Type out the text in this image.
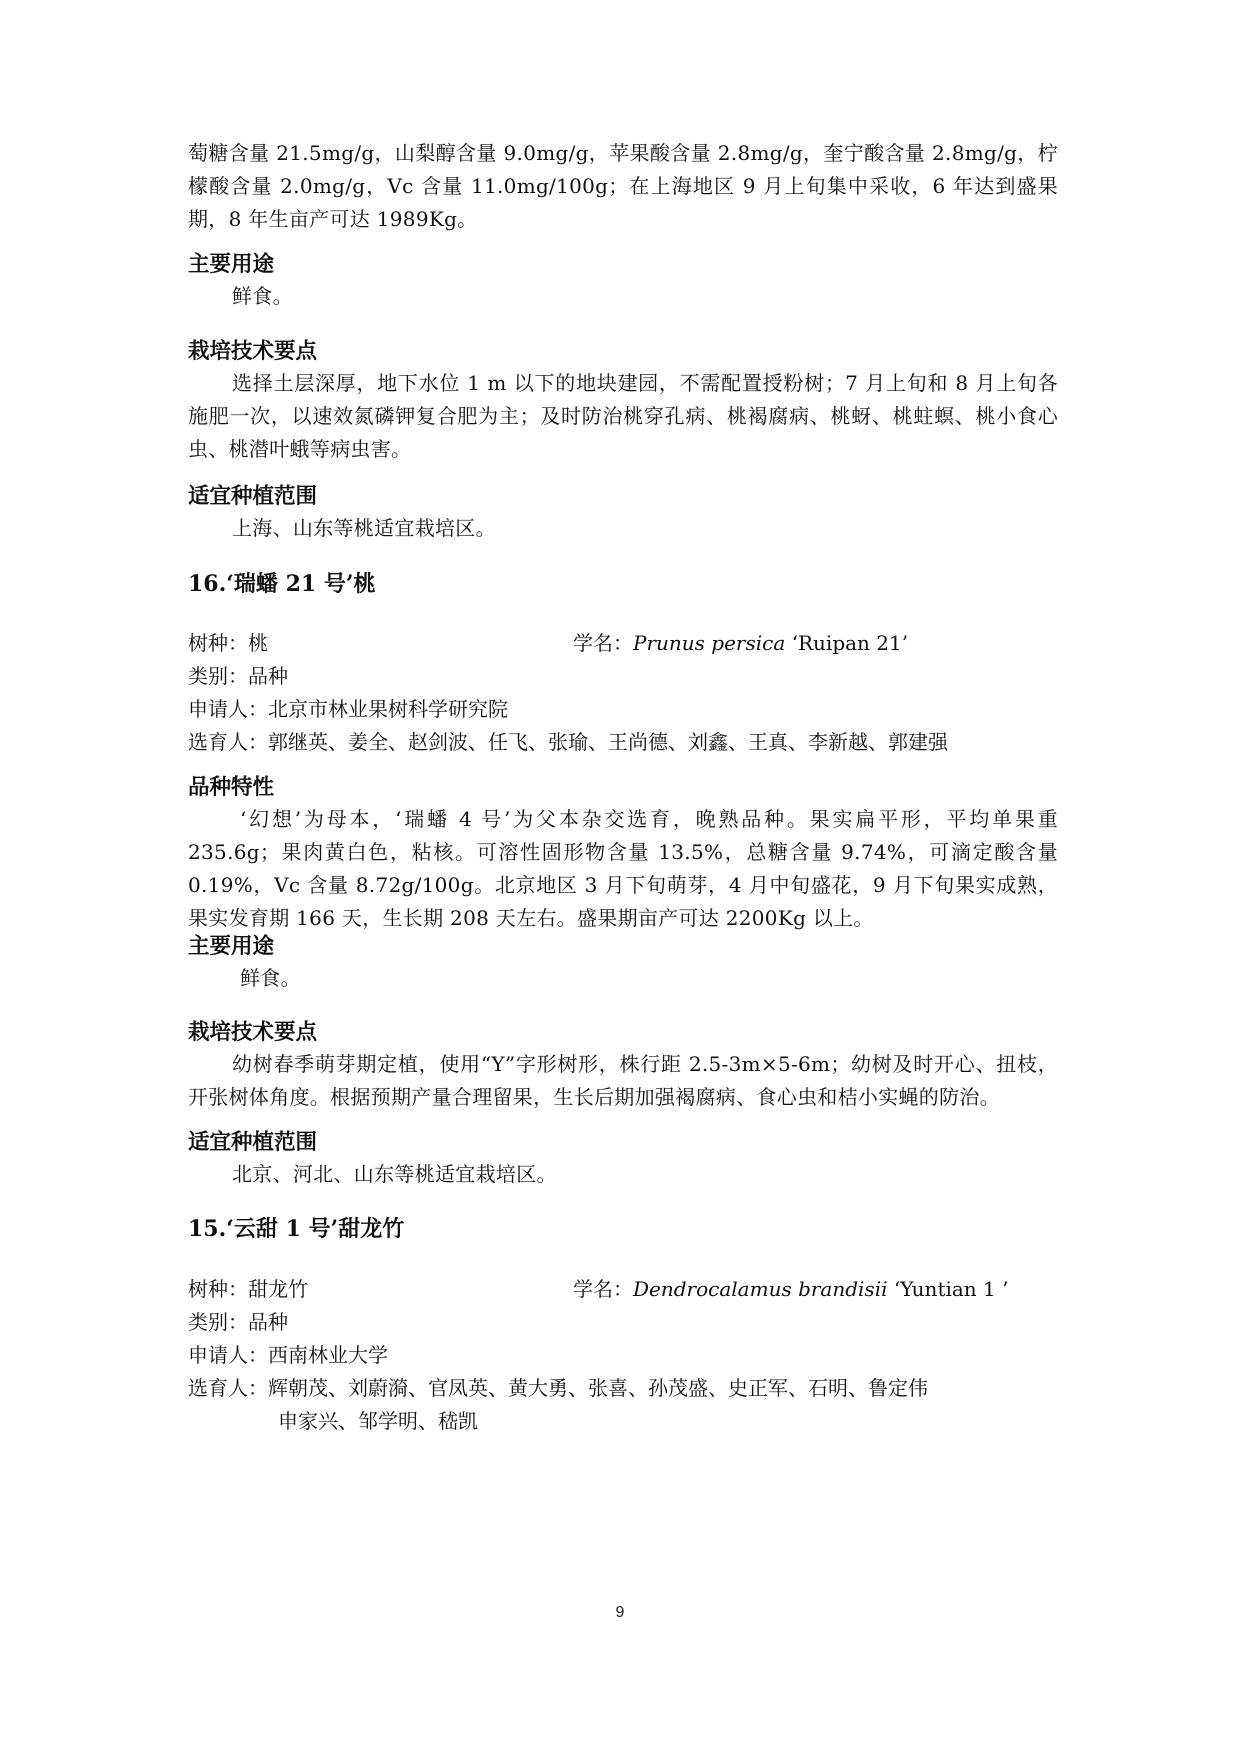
萄糖含量 21.5mg/g，山梨醇含量 9.0mg/g，苹果酸含量 2.8mg/g，奎宁酸含量 2.8mg/g，柠檬酸含量 2.0mg/g，Vc 含量 11.0mg/100g；在上海地区 9 月上旬集中采收，6 年达到盛果期，8 年生亩产可达 1989Kg。

主要用途

鲜食。

栽培技术要点

选择土层深厚，地下水位 1 m 以下的地块建园，不需配置授粉树；7 月上旬和 8 月上旬各施肥一次，以速效氮磷钾复合肥为主；及时防治桃穿孔病、桃褐腐病、桃蚜、桃蛀螟、桃小食心虫、桃潜叶蛾等病虫害。

适宜种植范围

上海、山东等桃适宜栽培区。

16.‘瑞蟠 21 号’桃

树种：桃	学名：Prunus persica ‘Ruipan 21’
类别：品种
申请人：北京市林业果树科学研究院
选育人：郭继英、姜全、赵剑波、任飞、张瑜、王尚德、刘鑫、王真、李新越、郭建强

品种特性

‘幻想’为母本，‘瑞蟠 4 号’为父本杂交选育，晚熟品种。果实扁平形，平均单果重 235.6g；果肉黄白色，粘核。可溶性固形物含量 13.5%，总糖含量 9.74%，可滴定酸含量 0.19%，Vc 含量 8.72g/100g。北京地区 3 月下旬萌芽，4 月中旬盛花，9 月下旬果实成熟，果实发育期 166 天，生长期 208 天左右。盛果期亩产可达 2200Kg 以上。

主要用途

鲜食。

栽培技术要点

幼树春季萌芽期定植，使用“Y”字形树形，株行距 2.5-3m×5-6m；幼树及时开心、扭枝，开张树体角度。根据预期产量合理留果，生长后期加强褐腐病、食心虫和桔小实蝇的防治。

适宜种植范围

北京、河北、山东等桃适宜栽培区。

15.‘云甜 1 号’甜龙竹

树种：甜龙竹	学名：Dendrocalamus brandisii ‘Yuntian 1 ’
类别：品种
申请人：西南林业大学
选育人：辉朝茂、刘蔚漪、官凤英、黄大勇、张喜、孙茂盛、史正军、石明、鲁定伟
申家兴、邹学明、嵇凯
9
